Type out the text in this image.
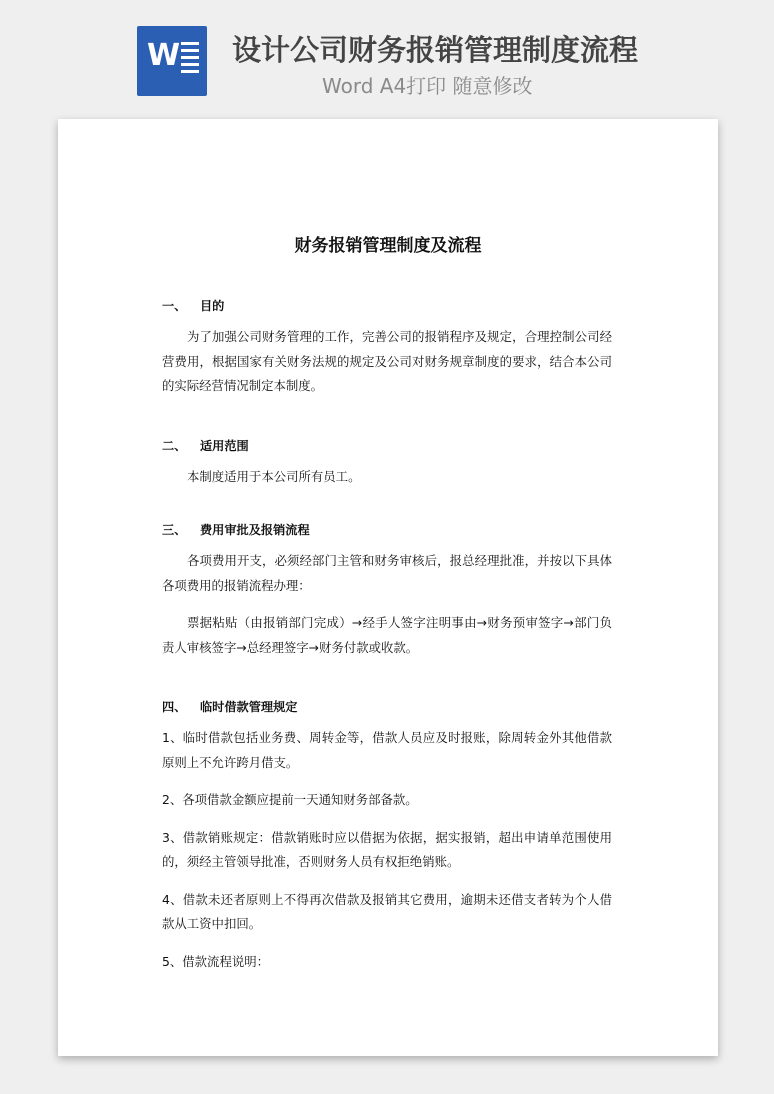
W 设计公司财务报销管理制度流程
Word A4打印 随意修改
财务报销管理制度及流程
一、 目的

为了加强公司财务管理的工作，完善公司的报销程序及规定，合理控制公司经营费用，根据国家有关财务法规的规定及公司对财务规章制度的要求，结合本公司的实际经营情况制定本制度。

二、 适用范围

本制度适用于本公司所有员工。

三、 费用审批及报销流程

各项费用开支，必须经部门主管和财务审核后，报总经理批准，并按以下具体各项费用的报销流程办理：

票据粘贴（由报销部门完成）→经手人签字注明事由→财务预审签字→部门负责人审核签字→总经理签字→财务付款或收款。

四、 临时借款管理规定

1、临时借款包括业务费、周转金等，借款人员应及时报账，除周转金外其他借款原则上不允许跨月借支。

2、各项借款金额应提前一天通知财务部备款。

3、借款销账规定：借款销账时应以借据为依据，据实报销，超出申请单范围使用的，须经主管领导批准，否则财务人员有权拒绝销账。

4、借款未还者原则上不得再次借款及报销其它费用，逾期未还借支者转为个人借款从工资中扣回。

5、借款流程说明：
